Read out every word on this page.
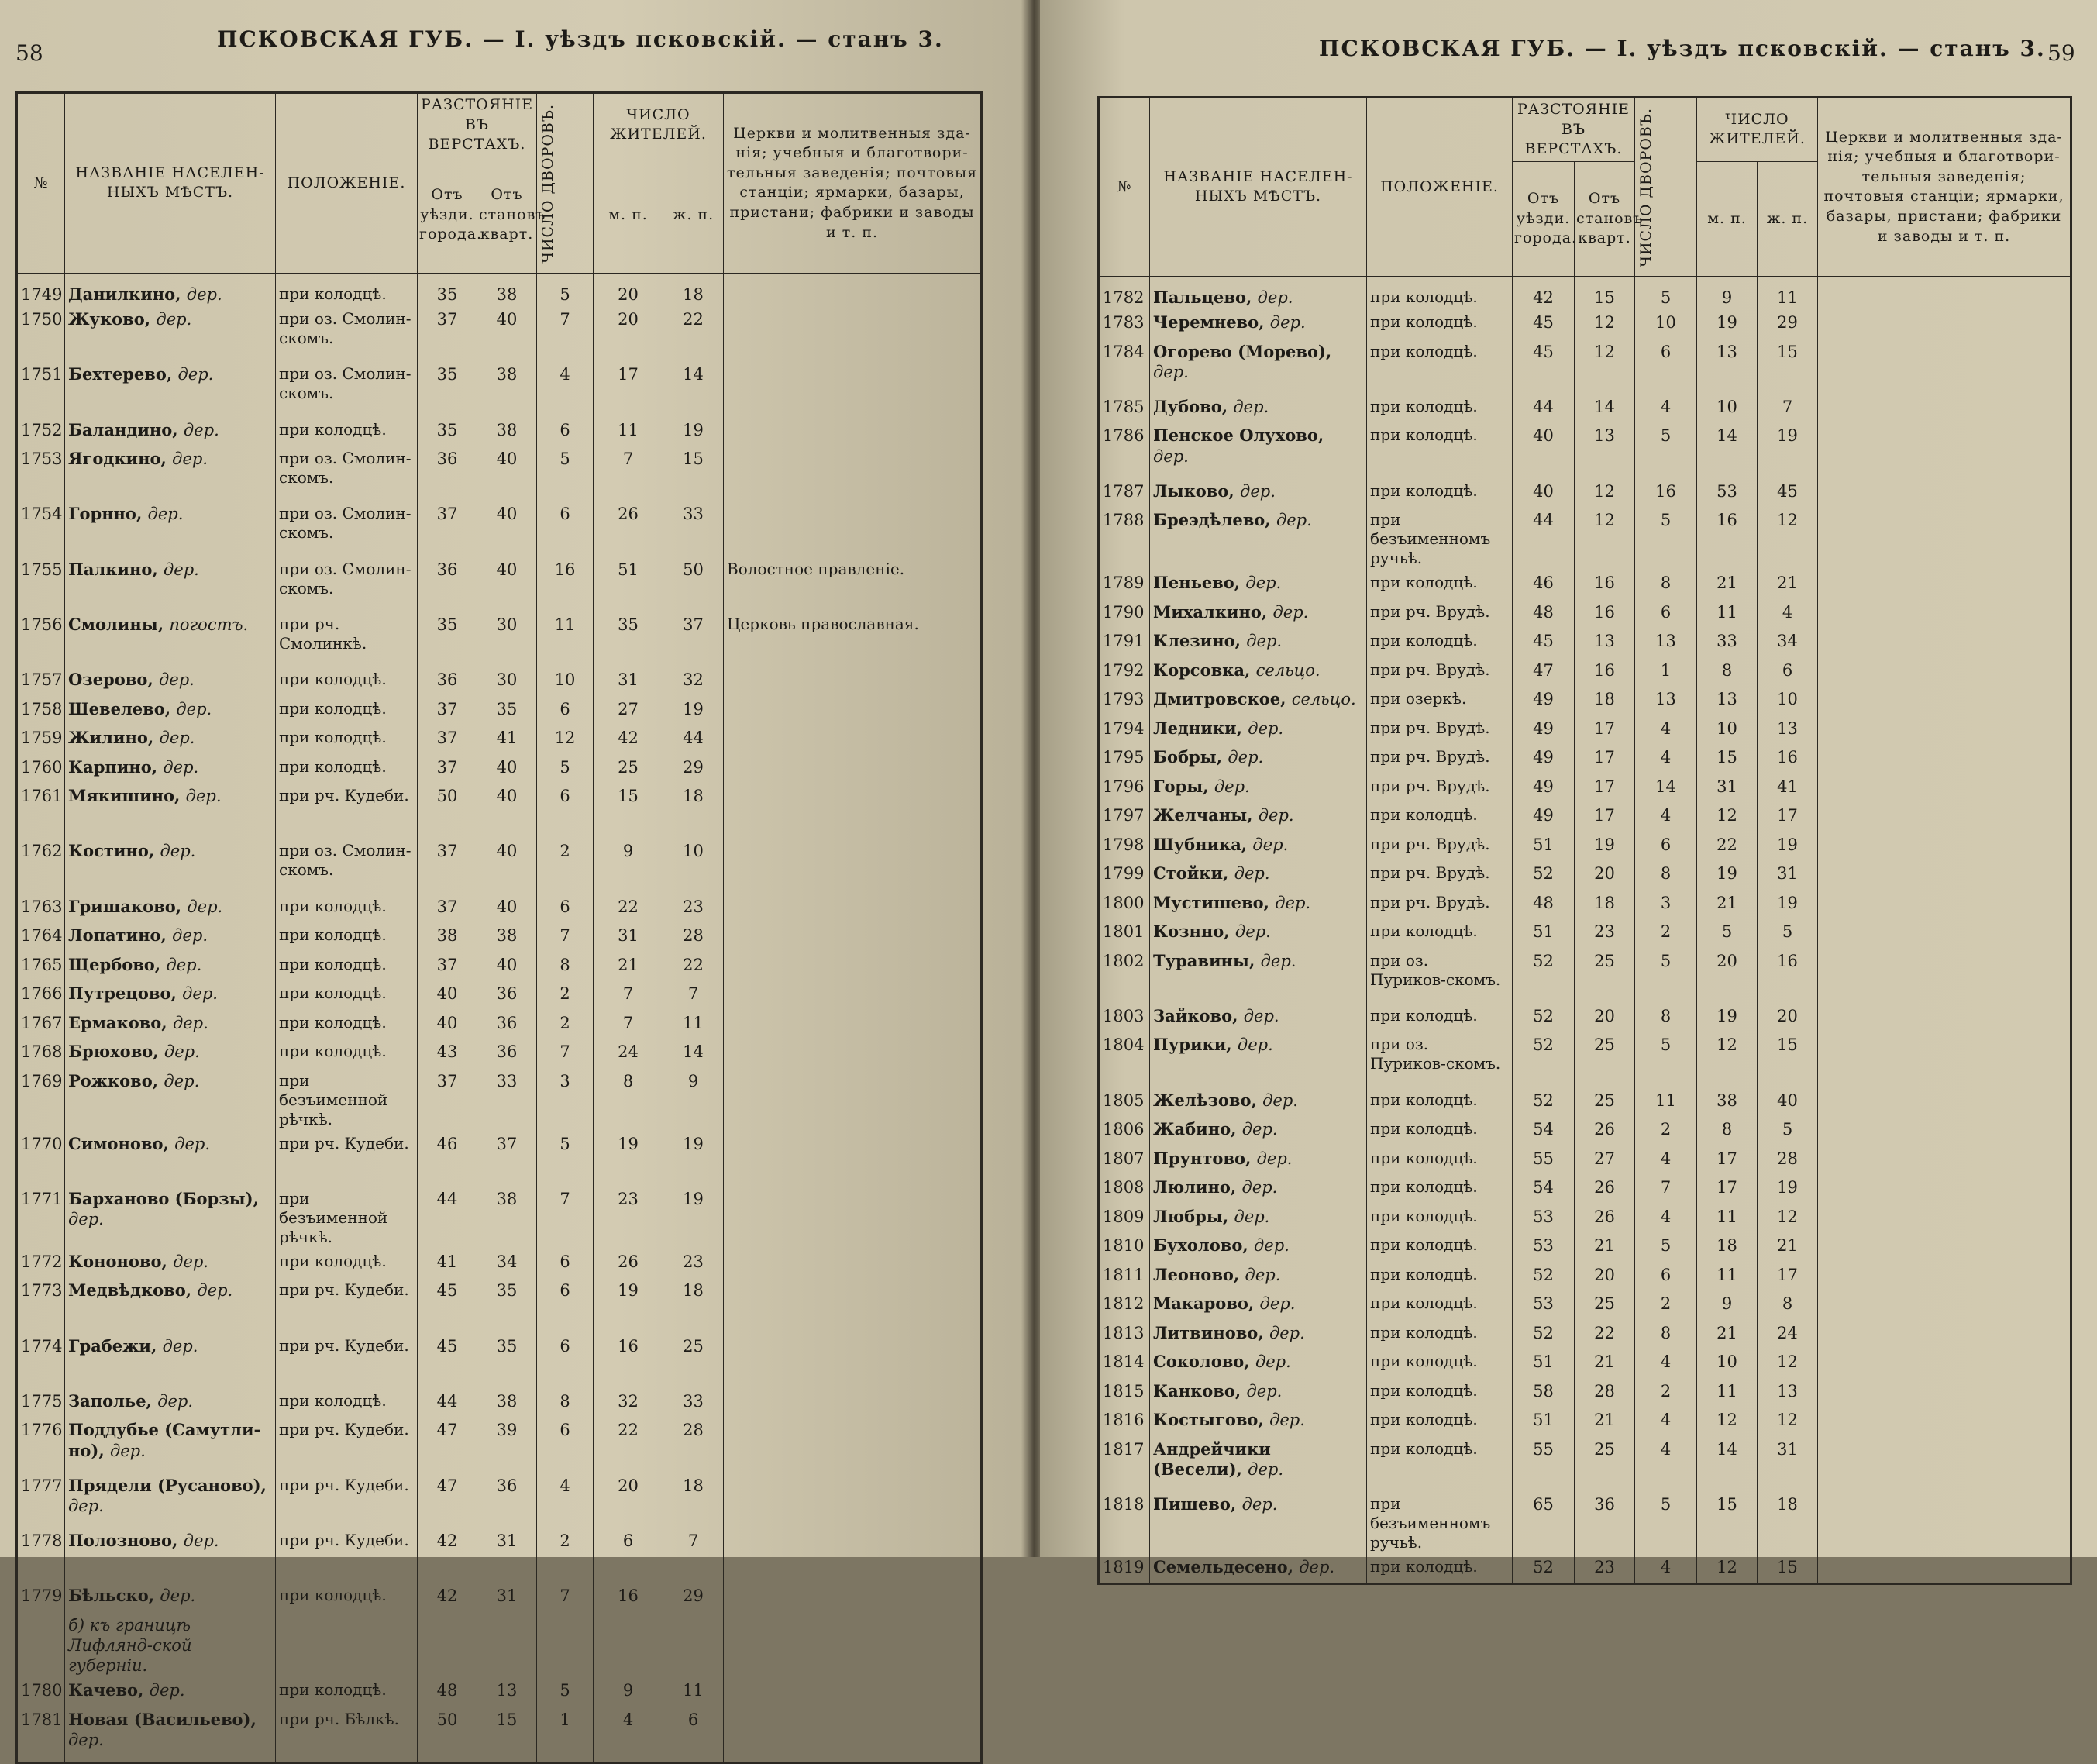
58
ПСКОВСКАЯ ГУБ. — I. уѣздъ псковскій. — станъ 3.
№	НАЗВАНІЕ НАСЕЛЕН-НЫХЪ МѢСТЪ.	ПОЛОЖЕНІЕ.	РАЗСТОЯНІЕ ВЪ ВЕРСТАХЪ.		ЧИСЛО ДВОРОВЪ.	ЧИСЛО ЖИТЕЛЕЙ.		Церкви и молитвенныя зда-нія; учебныя и благотвори-тельныя заведенія; почтовыя станціи; ярмарки, базары, пристани; фабрики и заводы и т. п.
			Отъ уѣзди. города.	Отъ становъ кварт.		м. п.	ж. п.	
1749	Данилкино, дер.	при колодцѣ.	35	38	5	20	18	
1750	Жуково, дер.	при оз. Смолин-скомъ.	37	40	7	20	22	
1751	Бехтерево, дер.	при оз. Смолин-скомъ.	35	38	4	17	14	
1752	Баландино, дер.	при колодцѣ.	35	38	6	11	19	
1753	Ягодкино, дер.	при оз. Смолин-скомъ.	36	40	5	7	15	
1754	Горнно, дер.	при оз. Смолин-скомъ.	37	40	6	26	33	
1755	Палкино, дер.	при оз. Смолин-скомъ.	36	40	16	51	50	Волостное правленіе.
1756	Смолины, погостъ.	при рч. Смолинкѣ.	35	30	11	35	37	Церковь православная.
1757	Озерово, дер.	при колодцѣ.	36	30	10	31	32	
1758	Шевелево, дер.	при колодцѣ.	37	35	6	27	19	
1759	Жилино, дер.	при колодцѣ.	37	41	12	42	44	
1760	Карпино, дер.	при колодцѣ.	37	40	5	25	29	
1761	Мякишино, дер.	при рч. Кудеби.	50	40	6	15	18	
1762	Костино, дер.	при оз. Смолин-скомъ.	37	40	2	9	10	
1763	Гришаково, дер.	при колодцѣ.	37	40	6	22	23	
1764	Лопатино, дер.	при колодцѣ.	38	38	7	31	28	
1765	Щербово, дер.	при колодцѣ.	37	40	8	21	22	
1766	Путрецово, дер.	при колодцѣ.	40	36	2	7	7	
1767	Ермаково, дер.	при колодцѣ.	40	36	2	7	11	
1768	Брюхово, дер.	при колодцѣ.	43	36	7	24	14	
1769	Рожково, дер.	при безъименной рѣчкѣ.	37	33	3	8	9	
1770	Симоново, дер.	при рч. Кудеби.	46	37	5	19	19	
1771	Барханово (Борзы), дер.	при безъименной рѣчкѣ.	44	38	7	23	19	
1772	Кононово, дер.	при колодцѣ.	41	34	6	26	23	
1773	Медвѣдково, дер.	при рч. Кудеби.	45	35	6	19	18	
1774	Грабежи, дер.	при рч. Кудеби.	45	35	6	16	25	
1775	Заполье, дер.	при колодцѣ.	44	38	8	32	33	
1776	Поддубье (Самутли-но), дер.	при рч. Кудеби.	47	39	6	22	28	
1777	Прядели (Русаново), дер.	при рч. Кудеби.	47	36	4	20	18	
1778	Полозново, дер.	при рч. Кудеби.	42	31	2	6	7	
1779	Бѣльско, дер.	при колодцѣ.	42	31	7	16	29	
	б) къ границѣ Лифлянд-ской губерніи.							
1780	Качево, дер.	при колодцѣ.	48	13	5	9	11	
1781	Новая (Васильево), дер.	при рч. Бѣлкѣ.	50	15	1	4	6	
59
ПСКОВСКАЯ ГУБ. — I. уѣздъ псковскій. — станъ 3.
№	НАЗВАНІЕ НАСЕЛЕН-НЫХЪ МѢСТЪ.	ПОЛОЖЕНІЕ.	РАЗСТОЯНІЕ ВЪ ВЕРСТАХЪ.		ЧИСЛО ДВОРОВЪ.	ЧИСЛО ЖИТЕЛЕЙ.		Церкви и молитвенныя зда-нія; учебныя и благотвори-тельныя заведенія; почтовыя станціи; ярмарки, базары, пристани; фабрики и заводы и т. п.
			Отъ уѣзди. города.	Отъ становъ кварт.		м. п.	ж. п.	
1782	Пальцево, дер.	при колодцѣ.	42	15	5	9	11	
1783	Черемнево, дер.	при колодцѣ.	45	12	10	19	29	
1784	Огорево (Морево), дер.	при колодцѣ.	45	12	6	13	15	
1785	Дубово, дер.	при колодцѣ.	44	14	4	10	7	
1786	Пенское Олухово, дер.	при колодцѣ.	40	13	5	14	19	
1787	Лыково, дер.	при колодцѣ.	40	12	16	53	45	
1788	Бреэдѣлево, дер.	при безъименномъ ручьѣ.	44	12	5	16	12	
1789	Пеньево, дер.	при колодцѣ.	46	16	8	21	21	
1790	Михалкино, дер.	при рч. Врудѣ.	48	16	6	11	4	
1791	Клезино, дер.	при колодцѣ.	45	13	13	33	34	
1792	Корсовка, сельцо.	при рч. Врудѣ.	47	16	1	8	6	
1793	Дмитровское, сельцо.	при озеркѣ.	49	18	13	13	10	
1794	Ледники, дер.	при рч. Врудѣ.	49	17	4	10	13	
1795	Бобры, дер.	при рч. Врудѣ.	49	17	4	15	16	
1796	Горы, дер.	при рч. Врудѣ.	49	17	14	31	41	
1797	Желчаны, дер.	при колодцѣ.	49	17	4	12	17	
1798	Шубника, дер.	при рч. Врудѣ.	51	19	6	22	19	
1799	Стойки, дер.	при рч. Врудѣ.	52	20	8	19	31	
1800	Мустишево, дер.	при рч. Врудѣ.	48	18	3	21	19	
1801	Кознно, дер.	при колодцѣ.	51	23	2	5	5	
1802	Туравины, дер.	при оз. Пуриков-скомъ.	52	25	5	20	16	
1803	Зайково, дер.	при колодцѣ.	52	20	8	19	20	
1804	Пурики, дер.	при оз. Пуриков-скомъ.	52	25	5	12	15	
1805	Желѣзово, дер.	при колодцѣ.	52	25	11	38	40	
1806	Жабино, дер.	при колодцѣ.	54	26	2	8	5	
1807	Прунтово, дер.	при колодцѣ.	55	27	4	17	28	
1808	Люлино, дер.	при колодцѣ.	54	26	7	17	19	
1809	Любры, дер.	при колодцѣ.	53	26	4	11	12	
1810	Бухолово, дер.	при колодцѣ.	53	21	5	18	21	
1811	Леоново, дер.	при колодцѣ.	52	20	6	11	17	
1812	Макарово, дер.	при колодцѣ.	53	25	2	9	8	
1813	Литвиново, дер.	при колодцѣ.	52	22	8	21	24	
1814	Соколово, дер.	при колодцѣ.	51	21	4	10	12	
1815	Канково, дер.	при колодцѣ.	58	28	2	11	13	
1816	Костыгово, дер.	при колодцѣ.	51	21	4	12	12	
1817	Андрейчики (Весели), дер.	при колодцѣ.	55	25	4	14	31	
1818	Пишево, дер.	при безъименномъ ручьѣ.	65	36	5	15	18	
1819	Семельдесено, дер.	при колодцѣ.	52	23	4	12	15	
